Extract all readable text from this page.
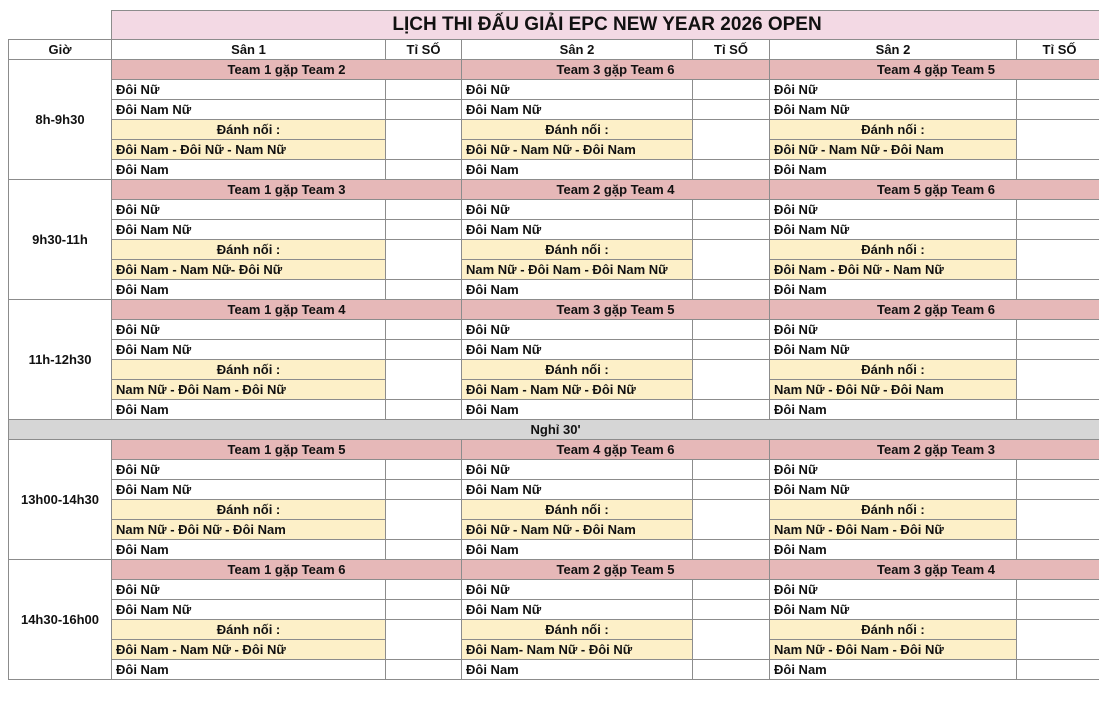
	LỊCH THI ĐẤU GIẢI EPC NEW YEAR 2026 OPEN					
Giờ	Sân 1	Tỉ SỐ	Sân 2	Tỉ SỐ	Sân 2	Tỉ SỐ
8h-9h30	Team 1 gặp Team 2		Team 3 gặp Team 6		Team 4 gặp Team 5	
	Đôi Nữ		Đôi Nữ		Đôi Nữ	
	Đôi Nam Nữ		Đôi Nam Nữ		Đôi Nam Nữ	
	Đánh nối :		Đánh nối :		Đánh nối :	
	Đôi Nam - Đôi Nữ - Nam Nữ		Đôi Nữ - Nam Nữ - Đôi Nam		Đôi Nữ - Nam Nữ - Đôi Nam	
	Đôi Nam		Đôi Nam		Đôi Nam	
9h30-11h	Team 1 gặp Team 3		Team 2 gặp Team 4		Team 5 gặp Team 6	
	Đôi Nữ		Đôi Nữ		Đôi Nữ	
	Đôi Nam Nữ		Đôi Nam Nữ		Đôi Nam Nữ	
	Đánh nối :		Đánh nối :		Đánh nối :	
	Đôi Nam - Nam Nữ- Đôi Nữ		Nam Nữ - Đôi Nam - Đôi Nam Nữ		Đôi Nam - Đôi Nữ - Nam Nữ	
	Đôi Nam		Đôi Nam		Đôi Nam	
11h-12h30	Team 1 gặp Team 4		Team 3 gặp Team 5		Team 2 gặp Team 6	
	Đôi Nữ		Đôi Nữ		Đôi Nữ	
	Đôi Nam Nữ		Đôi Nam Nữ		Đôi Nam Nữ	
	Đánh nối :		Đánh nối :		Đánh nối :	
	Nam Nữ - Đôi Nam - Đôi Nữ		Đôi Nam - Nam Nữ - Đôi Nữ		Nam Nữ - Đôi Nữ - Đôi Nam	
	Đôi Nam		Đôi Nam		Đôi Nam	
Nghỉ 30'						
13h00-14h30	Team 1 gặp Team 5		Team 4 gặp Team 6		Team 2 gặp Team 3	
	Đôi Nữ		Đôi Nữ		Đôi Nữ	
	Đôi Nam Nữ		Đôi Nam Nữ		Đôi Nam Nữ	
	Đánh nối :		Đánh nối :		Đánh nối :	
	Nam Nữ - Đôi Nữ - Đôi Nam		Đôi Nữ - Nam Nữ - Đôi Nam		Nam Nữ - Đôi Nam - Đôi Nữ	
	Đôi Nam		Đôi Nam		Đôi Nam	
14h30-16h00	Team 1 gặp Team 6		Team 2 gặp Team 5		Team 3 gặp Team 4	
	Đôi Nữ		Đôi Nữ		Đôi Nữ	
	Đôi Nam Nữ		Đôi Nam Nữ		Đôi Nam Nữ	
	Đánh nối :		Đánh nối :		Đánh nối :	
	Đôi Nam - Nam Nữ - Đôi Nữ		Đôi Nam- Nam Nữ - Đôi Nữ		Nam Nữ - Đôi Nam - Đôi Nữ	
	Đôi Nam		Đôi Nam		Đôi Nam	
